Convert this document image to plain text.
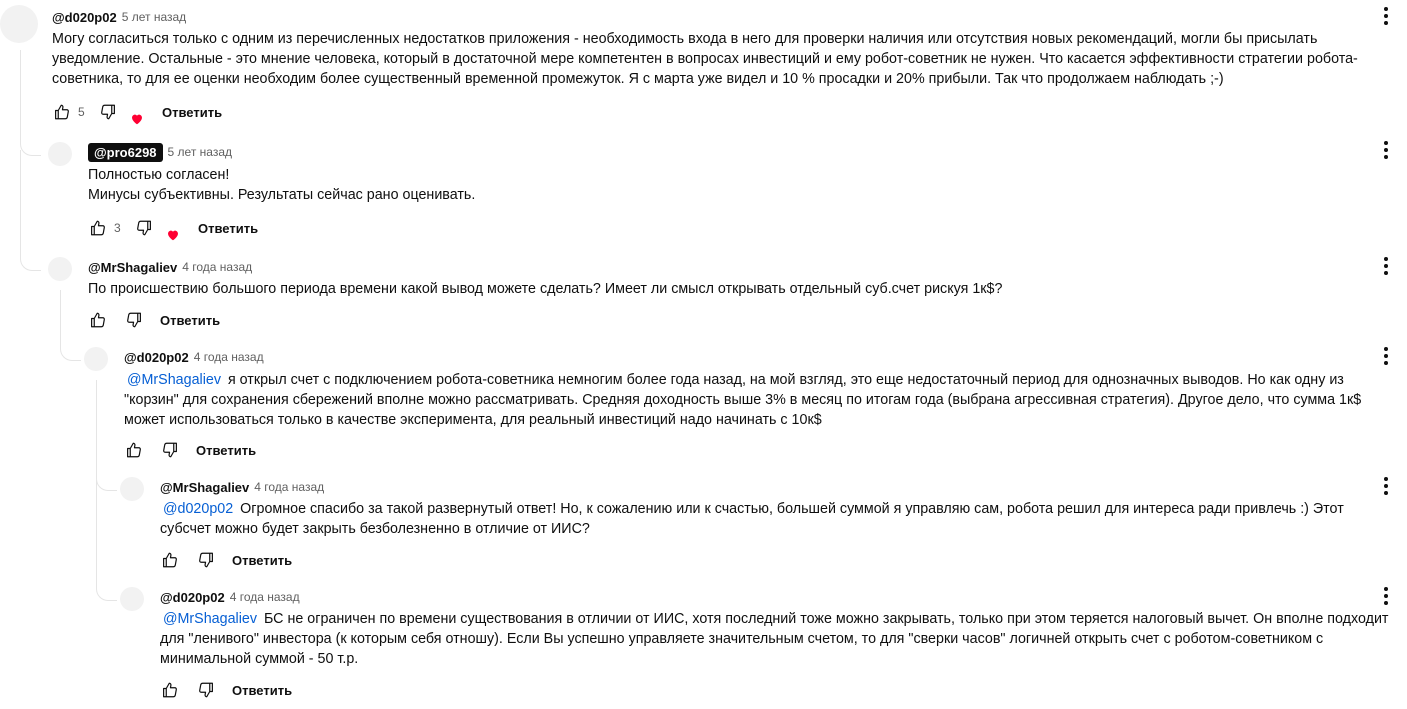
@d020p02 5 лет назад
Могу согласиться только с одним из перечисленных недостатков приложения - необходимость входа в него для проверки наличия или отсутствия новых рекомендаций, могли бы присылать уведомление. Остальные - это мнение человека, который в достаточной мере компетентен в вопросах инвестиций и ему робот-советник не нужен. Что касается эффективности стратегии робота-советника, то для ее оценки необходим более существенный временной промежуток. Я с марта уже видел и 10 % просадки и 20% прибыли. Так что продолжаем наблюдать ;-)
5	Ответить
@pro6298 5 лет назад
Полностью согласен!
Минусы субъективны. Результаты сейчас рано оценивать.
3	Ответить
@MrShagaliev 4 года назад
По происшествию большого периода времени какой вывод можете сделать? Имеет ли смысл открывать отдельный суб.счет рискуя 1к$?
Ответить
@d020p02 4 года назад
@MrShagaliev я открыл счет с подключением робота-советника немногим более года назад, на мой взгляд, это еще недостаточный период для однозначных выводов. Но как одну из "корзин" для сохранения сбережений вполне можно рассматривать. Средняя доходность выше 3% в месяц по итогам года (выбрана агрессивная стратегия). Другое дело, что сумма 1к$ может использоваться только в качестве эксперимента, для реальный инвестиций надо начинать с 10к$
Ответить
@MrShagaliev 4 года назад
@d020p02 Огромное спасибо за такой развернутый ответ! Но, к сожалению или к счастью, большей суммой я управляю сам, робота решил для интереса ради привлечь :) Этот субсчет можно будет закрыть безболезненно в отличие от ИИС?
Ответить
@d020p02 4 года назад
@MrShagaliev БС не ограничен по времени существования в отличии от ИИС, хотя последний тоже можно закрывать, только при этом теряется налоговый вычет. Он вполне подходит для "ленивого" инвестора (к которым себя отношу). Если Вы успешно управляете значительным счетом, то для "сверки часов" логичней открыть счет с роботом-советником с минимальной суммой - 50 т.р.
Ответить
